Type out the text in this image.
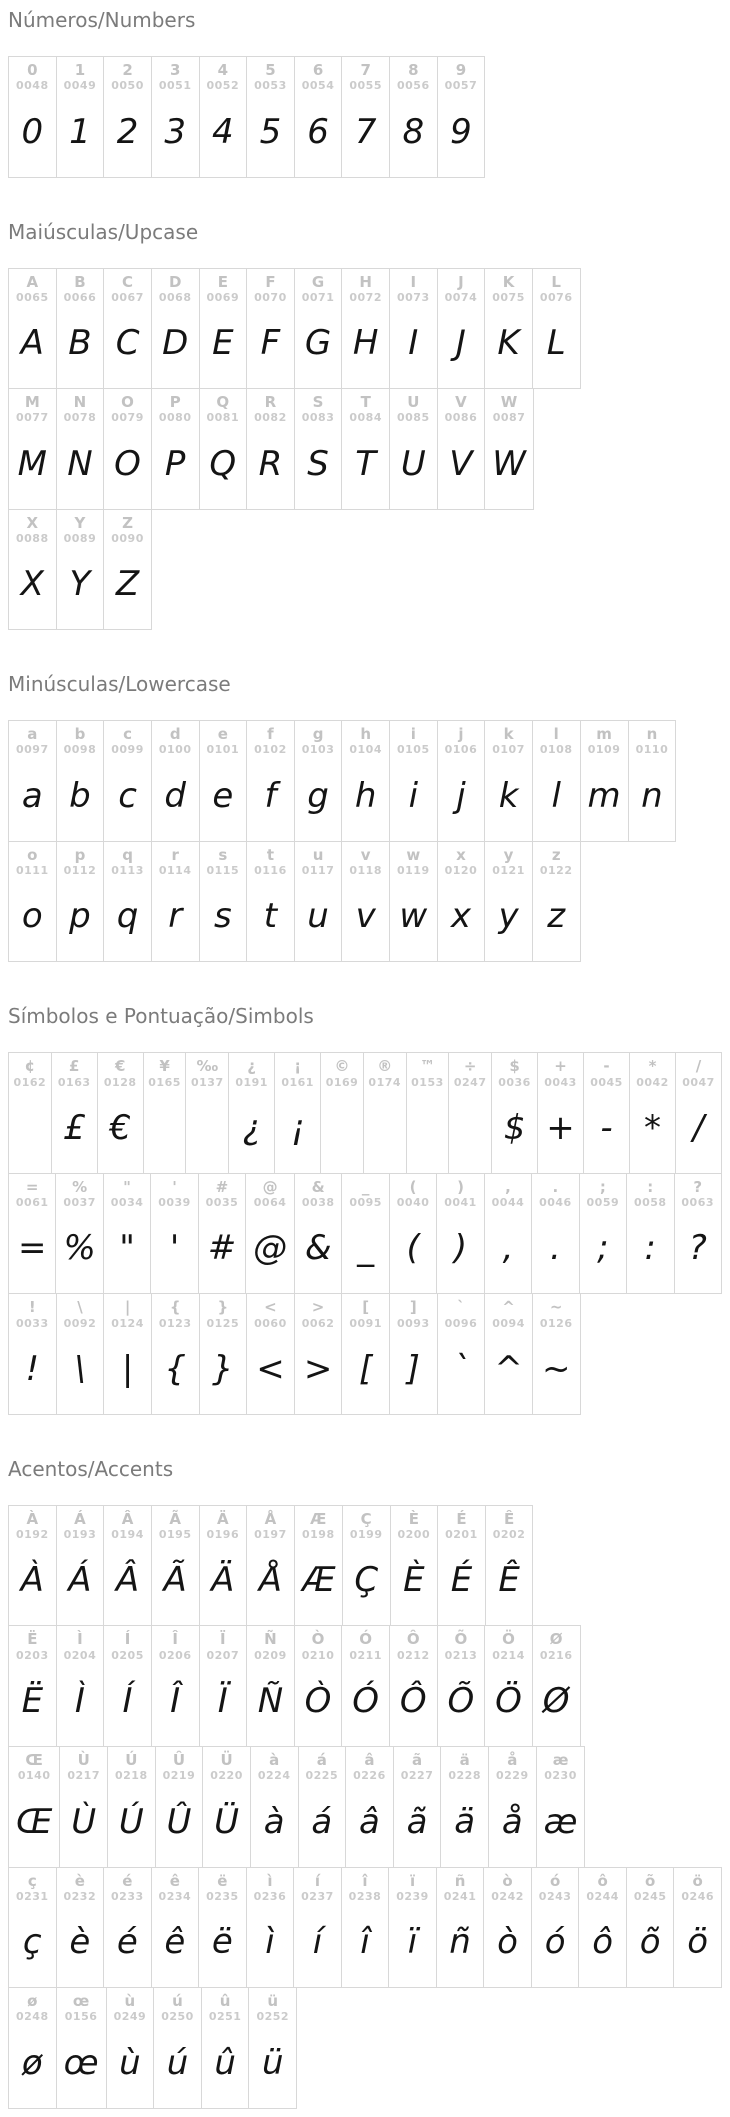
Números/Numbers
0
0048
0
1
0049
1
2
0050
2
3
0051
3
4
0052
4
5
0053
5
6
0054
6
7
0055
7
8
0056
8
9
0057
9
Maiúsculas/Upcase
A
0065
A
B
0066
B
C
0067
C
D
0068
D
E
0069
E
F
0070
F
G
0071
G
H
0072
H
I
0073
I
J
0074
J
K
0075
K
L
0076
L
M
0077
M
N
0078
N
O
0079
O
P
0080
P
Q
0081
Q
R
0082
R
S
0083
S
T
0084
T
U
0085
U
V
0086
V
W
0087
W
X
0088
X
Y
0089
Y
Z
0090
Z
Minúsculas/Lowercase
a
0097
a
b
0098
b
c
0099
c
d
0100
d
e
0101
e
f
0102
f
g
0103
g
h
0104
h
i
0105
i
j
0106
j
k
0107
k
l
0108
l
m
0109
m
n
0110
n
o
0111
o
p
0112
p
q
0113
q
r
0114
r
s
0115
s
t
0116
t
u
0117
u
v
0118
v
w
0119
w
x
0120
x
y
0121
y
z
0122
z
Símbolos e Pontuação/Simbols
¢
0162
£
0163
£
€
0128
€
¥
0165
‰
0137
¿
0191
¿
¡
0161
¡
©
0169
®
0174
™
0153
÷
0247
$
0036
$
+
0043
+
-
0045
-
*
0042
*
/
0047
/
=
0061
=
%
0037
%
"
0034
"
'
0039
'
#
0035
#
@
0064
@
&
0038
&
_
0095
_
(
0040
(
)
0041
)
,
0044
,
.
0046
.
;
0059
;
:
0058
:
?
0063
?
!
0033
!
\
0092
\
|
0124
|
{
0123
{
}
0125
}
<
0060
<
>
0062
>
[
0091
[
]
0093
]
`
0096
`
^
0094
^
~
0126
~
Acentos/Accents
À
0192
À
Á
0193
Á
Â
0194
Â
Ã
0195
Ã
Ä
0196
Ä
Å
0197
Å
Æ
0198
Æ
Ç
0199
Ç
È
0200
È
É
0201
É
Ê
0202
Ê
Ë
0203
Ë
Ì
0204
Ì
Í
0205
Í
Î
0206
Î
Ï
0207
Ï
Ñ
0209
Ñ
Ò
0210
Ò
Ó
0211
Ó
Ô
0212
Ô
Õ
0213
Õ
Ö
0214
Ö
Ø
0216
Ø
Œ
0140
Œ
Ù
0217
Ù
Ú
0218
Ú
Û
0219
Û
Ü
0220
Ü
à
0224
à
á
0225
á
â
0226
â
ã
0227
ã
ä
0228
ä
å
0229
å
æ
0230
æ
ç
0231
ç
è
0232
è
é
0233
é
ê
0234
ê
ë
0235
ë
ì
0236
ì
í
0237
í
î
0238
î
ï
0239
ï
ñ
0241
ñ
ò
0242
ò
ó
0243
ó
ô
0244
ô
õ
0245
õ
ö
0246
ö
ø
0248
ø
œ
0156
œ
ù
0249
ù
ú
0250
ú
û
0251
û
ü
0252
ü
